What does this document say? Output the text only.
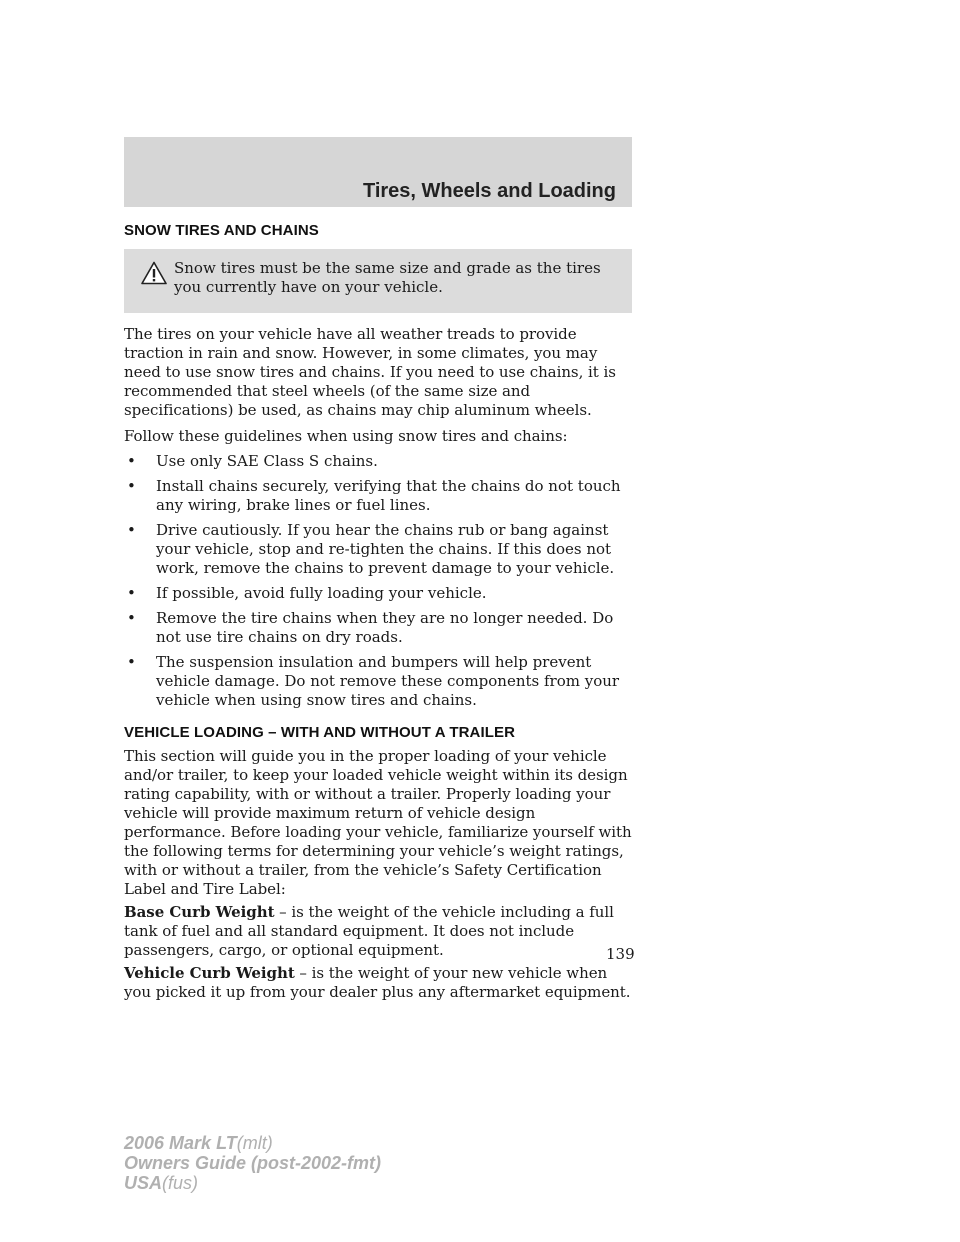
Tires, Wheels and Loading
SNOW TIRES AND CHAINS
Snow tires must be the same size and grade as the tires you currently have on your vehicle.

The tires on your vehicle have all weather treads to provide traction in rain and snow. However, in some climates, you may need to use snow tires and chains. If you need to use chains, it is recommended that steel wheels (of the same size and specifications) be used, as chains may chip aluminum wheels.

Follow these guidelines when using snow tires and chains:

• Use only SAE Class S chains.
• Install chains securely, verifying that the chains do not touch any wiring, brake lines or fuel lines.
• Drive cautiously. If you hear the chains rub or bang against your vehicle, stop and re-tighten the chains. If this does not work, remove the chains to prevent damage to your vehicle.
• If possible, avoid fully loading your vehicle.
• Remove the tire chains when they are no longer needed. Do not use tire chains on dry roads.
• The suspension insulation and bumpers will help prevent vehicle damage. Do not remove these components from your vehicle when using snow tires and chains.
VEHICLE LOADING – WITH AND WITHOUT A TRAILER

This section will guide you in the proper loading of your vehicle and/or trailer, to keep your loaded vehicle weight within its design rating capability, with or without a trailer. Properly loading your vehicle will provide maximum return of vehicle design performance. Before loading your vehicle, familiarize yourself with the following terms for determining your vehicle’s weight ratings, with or without a trailer, from the vehicle’s Safety Certification Label and Tire Label:

Base Curb Weight – is the weight of the vehicle including a full tank of fuel and all standard equipment. It does not include passengers, cargo, or optional equipment.

Vehicle Curb Weight – is the weight of your new vehicle when you picked it up from your dealer plus any aftermarket equipment.

139
2006 Mark LT(mlt)
Owners Guide (post-2002-fmt)
USA(fus)
